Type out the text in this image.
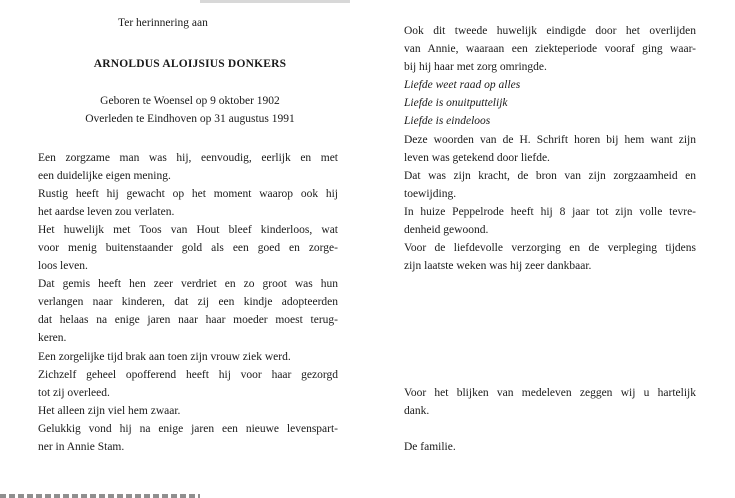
Ter herinnering aan
ARNOLDUS ALOIJSIUS DONKERS
Geboren te Woensel op 9 oktober 1902
Overleden te Eindhoven op 31 augustus 1991
Een zorgzame man was hij, eenvoudig, eerlijk en met
een duidelijke eigen mening.
Rustig heeft hij gewacht op het moment waarop ook hij
het aardse leven zou verlaten.
Het huwelijk met Toos van Hout bleef kinderloos, wat
voor menig buitenstaander gold als een goed en zorge-
loos leven.
Dat gemis heeft hen zeer verdriet en zo groot was hun
verlangen naar kinderen, dat zij een kindje adopteerden
dat helaas na enige jaren naar haar moeder moest terug-
keren.
Een zorgelijke tijd brak aan toen zijn vrouw ziek werd.
Zichzelf geheel opofferend heeft hij voor haar gezorgd
tot zij overleed.
Het alleen zijn viel hem zwaar.
Gelukkig vond hij na enige jaren een nieuwe levenspart-
ner in Annie Stam.
Ook dit tweede huwelijk eindigde door het overlijden
van Annie, waaraan een ziekteperiode vooraf ging waar-
bij hij haar met zorg omringde.
Liefde weet raad op alles
Liefde is onuitputtelijk
Liefde is eindeloos
Deze woorden van de H. Schrift horen bij hem want zijn
leven was getekend door liefde.
Dat was zijn kracht, de bron van zijn zorgzaamheid en
toewijding.
In huize Peppelrode heeft hij 8 jaar tot zijn volle tevre-
denheid gewoond.
Voor de liefdevolle verzorging en de verpleging tijdens
zijn laatste weken was hij zeer dankbaar.
Voor het blijken van medeleven zeggen wij u hartelijk
dank.
De familie.
